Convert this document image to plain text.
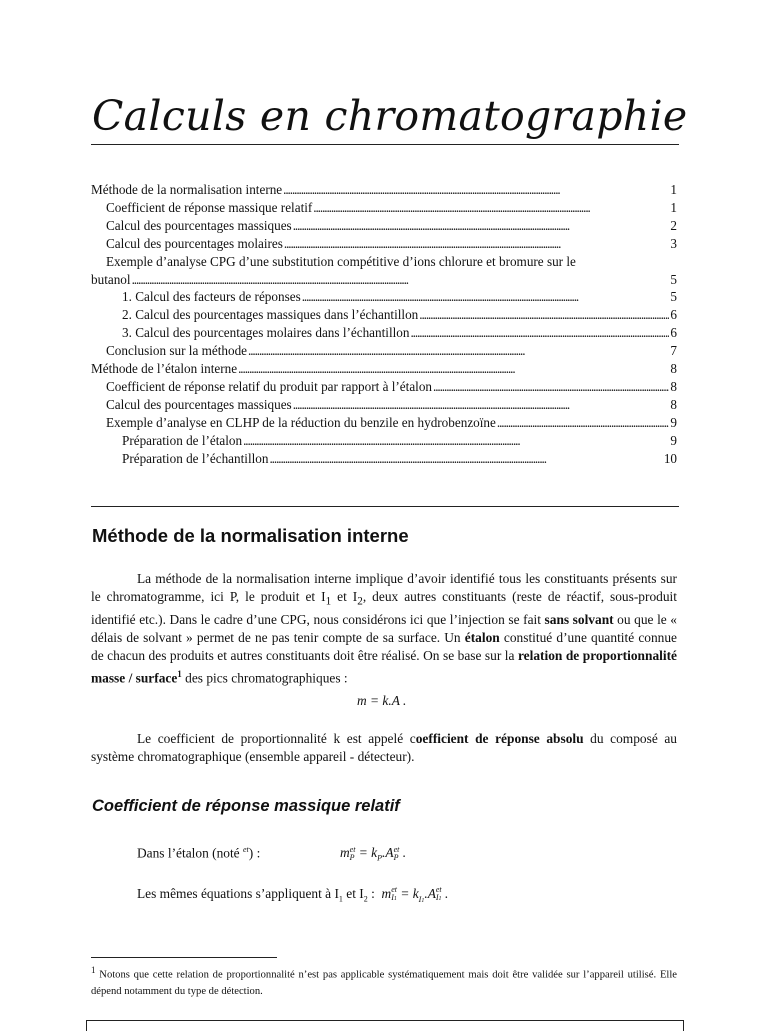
Calculs en chromatographie
Méthode de la normalisation interne . . .	1
Coefficient de réponse massique relatif . . .	1
Calcul des pourcentages massiques . . .	2
Calcul des pourcentages molaires . . .	3
Exemple d’analyse CPG d’une substitution compétitive d’ions chlorure et bromure sur le
butanol . . .	5
1. Calcul des facteurs de réponses . . .	5
2. Calcul des pourcentages massiques dans l’échantillon . . .	6
3. Calcul des pourcentages molaires dans l’échantillon . . .	6
Conclusion sur la méthode . . .	7
Méthode de l’étalon interne . . .	8
Coefficient de réponse relatif du produit par rapport à l’étalon . . .	8
Calcul des pourcentages massiques . . .	8
Exemple d’analyse en CLHP de la réduction du benzile en hydrobenzoïne . . .	9
Préparation de l’étalon . . .	9
Préparation de l’échantillon . . .	10
Méthode de la normalisation interne
La méthode de la normalisation interne implique d’avoir identifié tous les constituants présents sur le chromatogramme, ici P, le produit et $I_1$ et $I_2$, deux autres constituants (reste de réactif, sous-produit identifié etc.). Dans le cadre d’une CPG, nous considérons ici que l’injection se fait sans solvant ou que le « délais de solvant » permet de ne pas tenir compte de sa surface. Un étalon constitué d’une quantité connue de chacun des produits et autres constituants doit être réalisé. On se base sur la relation de proportionnalité masse / surface$^1$ des pics chromatographiques :
m = k.A .
Le coefficient de proportionnalité k est appelé coefficient de réponse absolu du composé au système chromatographique (ensemble appareil - détecteur).
Coefficient de réponse massique relatif
Dans l’étalon (noté $^{et}$) :	m et
$P = k_P.A$ et
P .
Les mêmes équations s’appliquent à $I_1$ et $I_2$ : m et
$I1 = k_{I1}.A$ et
I1 .
$^1$ Notons que cette relation de proportionnalité n’est pas applicable systématiquement mais doit être validée sur l’appareil utilisé. Elle dépend notamment du type de détection.
